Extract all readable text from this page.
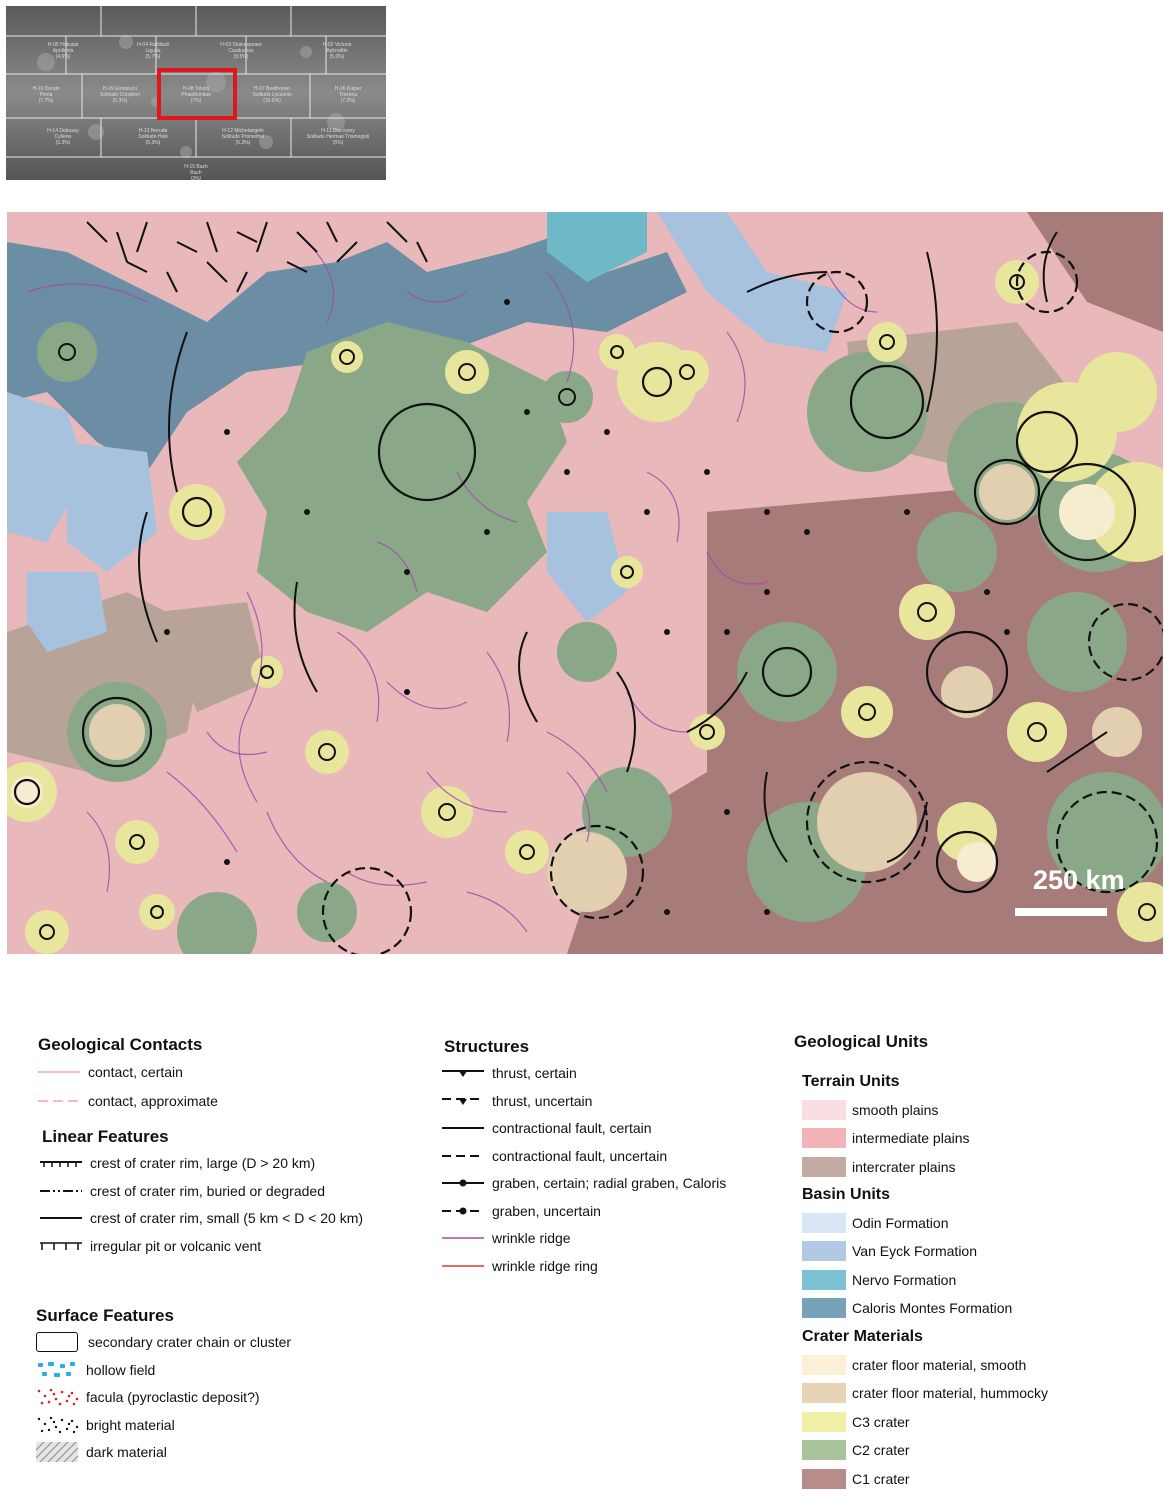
H-05 Hokusai
Apollonia
(4.6%)
H-04 Raditladi
Liguria
(5.7%)
H-03 Shakespeare
Cauduceus
(9.5%)
H-02 Victoria
Aphrodite
(5.0%)
H-10 Derain
Pieria
(7.7%)
H-09 Eminescu
Solitudo Criophori
(5.3%)
H-08 Tolstoj
Phaethontias
(7%)
H-07 Beethoven
Solitudo Lycaonis
(10.6%)
H-06 Kuiper
Tricrena
(7.2%)
H-14 Debussy
Cyllene
(5.3%)
H-13 Neruda
Solitudo Helii
(5.3%)
H-12 Michelangelo
Solitudo Promethei
(5.3%)
H-11 Discovery
Solitudo Hermae Trismegisti
(5%)
H-15 Bach
Bach
(2%)
250 km
Geological Contacts
contact, certain
contact, approximate
Linear Features
crest of crater rim, large (D > 20 km)
crest of crater rim, buried or degraded
crest of crater rim, small (5 km < D < 20 km)
irregular pit or volcanic vent
Surface Features
secondary crater chain or cluster
hollow field
facula (pyroclastic deposit?)
bright material
dark material
Structures
thrust, certain
thrust, uncertain
contractional fault, certain
contractional fault, uncertain
graben, certain; radial graben, Caloris
graben, uncertain
wrinkle ridge
wrinkle ridge ring
Geological Units
Terrain Units
smooth plains
intermediate plains
intercrater plains
Basin Units
Odin Formation
Van Eyck Formation
Nervo Formation
Caloris Montes Formation
Crater Materials
crater floor material, smooth
crater floor material, hummocky
C3 crater
C2 crater
C1 crater
